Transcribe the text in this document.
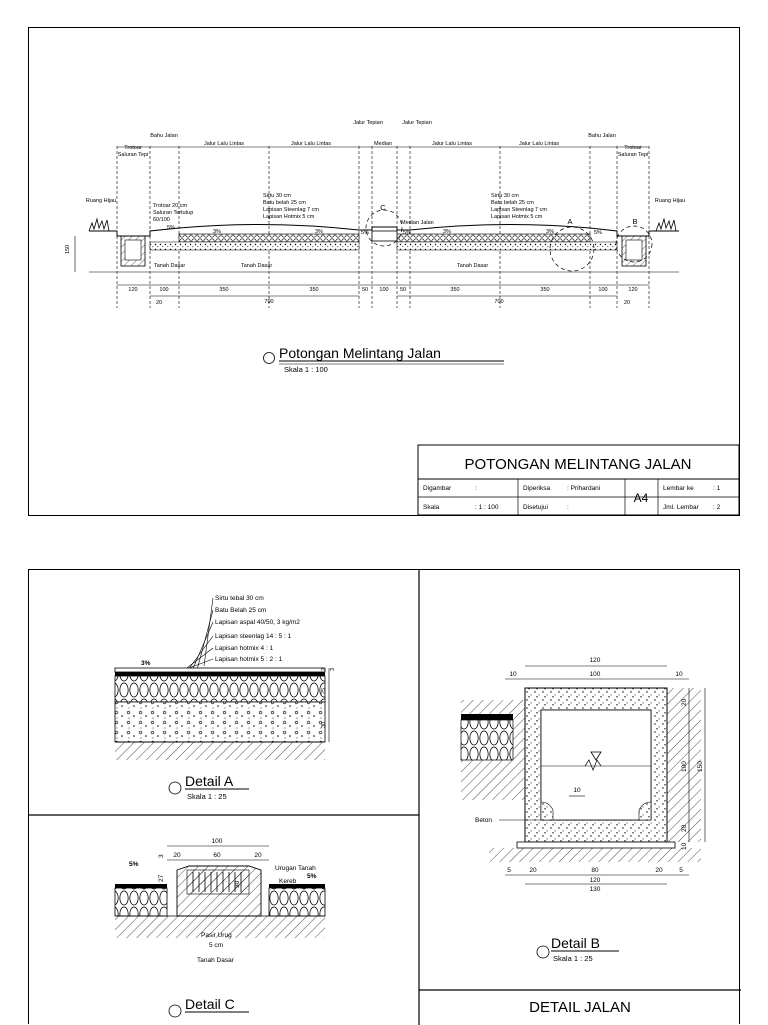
Trotoar
Saluran Tepi
Bahu Jalan
Jalur Lalu Lintas	Jalur Lalu Lintas
Jalur Tepian
Median
Jalur Tepian
Jalur Lalu Lintas	Jalur Lalu Lintas
Bahu Jalan
Trotoar
Saluran Tepi
Ruang Hijau	Ruang Hijau
A	B
C
Trotoar 20 cm
Saluran Tertutup
60/100
5%
Sirtu 30 cm
Batu belah 25 cm
Lapisan Steenlag 7 cm
Lapisan Hotmix 5 cm
Sirtu 30 cm
Batu belah 25 cm
Lapisan Steenlag 7 cm
Lapisan Hotmix 5 cm
3%	3%	3%	3%
5%	5%	5%
Median Jalan
Tanah Dasar	Tanah Dasar	Tanah Dasar
150
120	100	350	350	50 100 50	350	350	100	120
20	700	700	20
Potongan Melintang Jalan
Skala 1 : 100
POTONGAN MELINTANG JALAN
Digambar	:	Diperiksa	: Prihardani
Skala	: 1 : 100	Disetujui	:
Lembar ke	: 1
Jml. Lembar : 2
A4
Sirtu tebal 30 cm
Batu Belah 25 cm
Lapisan aspal 40/50, 3 kg/m2
Lapisan steenlag 14 : 5 : 1
Lapisan hotmix 4 : 1
Lapisan hotmix 5 : 2 : 1
3%
2 3
25
30
Detail A
Skala 1 : 25
100
20	60	20
5%
5%
3
27
30
Urugan Tanah
Kereb
Pasir Urug
5 cm
Tanah Dasar
Detail C
120
10	100	10
10
20
100 150
20
10
Beton
5	20	80	20	5
120
130
Detail B
Skala 1 : 25
DETAIL JALAN
